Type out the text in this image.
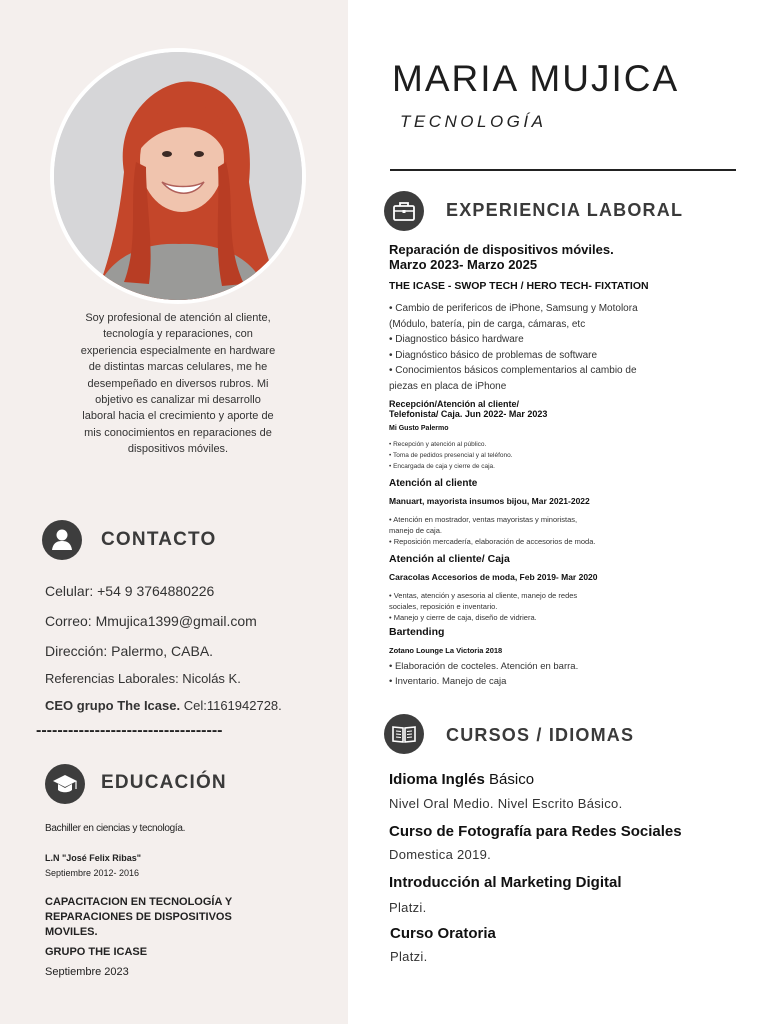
Soy profesional de atención al cliente, tecnología y reparaciones, con experiencia especialmente en hardware de distintas marcas celulares, me he desempeñado en diversos rubros. Mi objetivo es canalizar mi desarrollo laboral hacia el crecimiento y aporte de mis conocimientos en reparaciones de dispositivos móviles.
CONTACTO
Celular: +54 9 3764880226
Correo: Mmujica1399@gmail.com
Dirección: Palermo, CABA.
Referencias Laborales: Nicolás K.
CEO grupo The Icase. Cel:1161942728.
-----------------------------------
EDUCACIÓN
Bachiller en ciencias y tecnología.
L.N "José Felix Ribas"
Septiembre 2012- 2016
CAPACITACION EN TECNOLOGÍA Y
REPARACIONES DE DISPOSITIVOS
MOVILES.
GRUPO THE ICASE
Septiembre 2023
MARIA MUJICA
TECNOLOGÍA
EXPERIENCIA LABORAL
Reparación de dispositivos móviles.
Marzo 2023- Marzo 2025
THE ICASE - SWOP TECH / HERO TECH- FIXTATION
• Cambio de perifericos de iPhone, Samsung y Motolora
(Módulo, batería, pin de carga, cámaras, etc
• Diagnostico básico hardware
• Diagnóstico básico de problemas de software
• Conocimientos básicos complementarios al cambio de
piezas en placa de iPhone
Recepción/Atención al cliente/
Telefonista/ Caja. Jun 2022- Mar 2023
Mi Gusto Palermo
• Recepción y atención al público.
• Toma de pedidos presencial y al teléfono.
• Encargada de caja y cierre de caja.
Atención al cliente
Manuart, mayorista insumos bijou, Mar 2021-2022
• Atención en mostrador, ventas mayoristas y minoristas,
manejo de caja.
• Reposición mercadería, elaboración de accesorios de moda.
Atención al cliente/ Caja
Caracolas Accesorios de moda, Feb 2019- Mar 2020
• Ventas, atención y asesoria al cliente, manejo de redes
sociales, reposición e inventario.
• Manejo y cierre de caja, diseño de vidriera.
Bartending
Zotano Lounge La Victoria 2018
• Elaboración de cocteles. Atención en barra.
• Inventario. Manejo de caja
CURSOS / IDIOMAS
Idioma Inglés Básico
Nivel Oral Medio. Nivel Escrito Básico.
Curso de Fotografía para Redes Sociales
Domestica 2019.
Introducción al Marketing Digital
Platzi.
Curso Oratoria
Platzi.
